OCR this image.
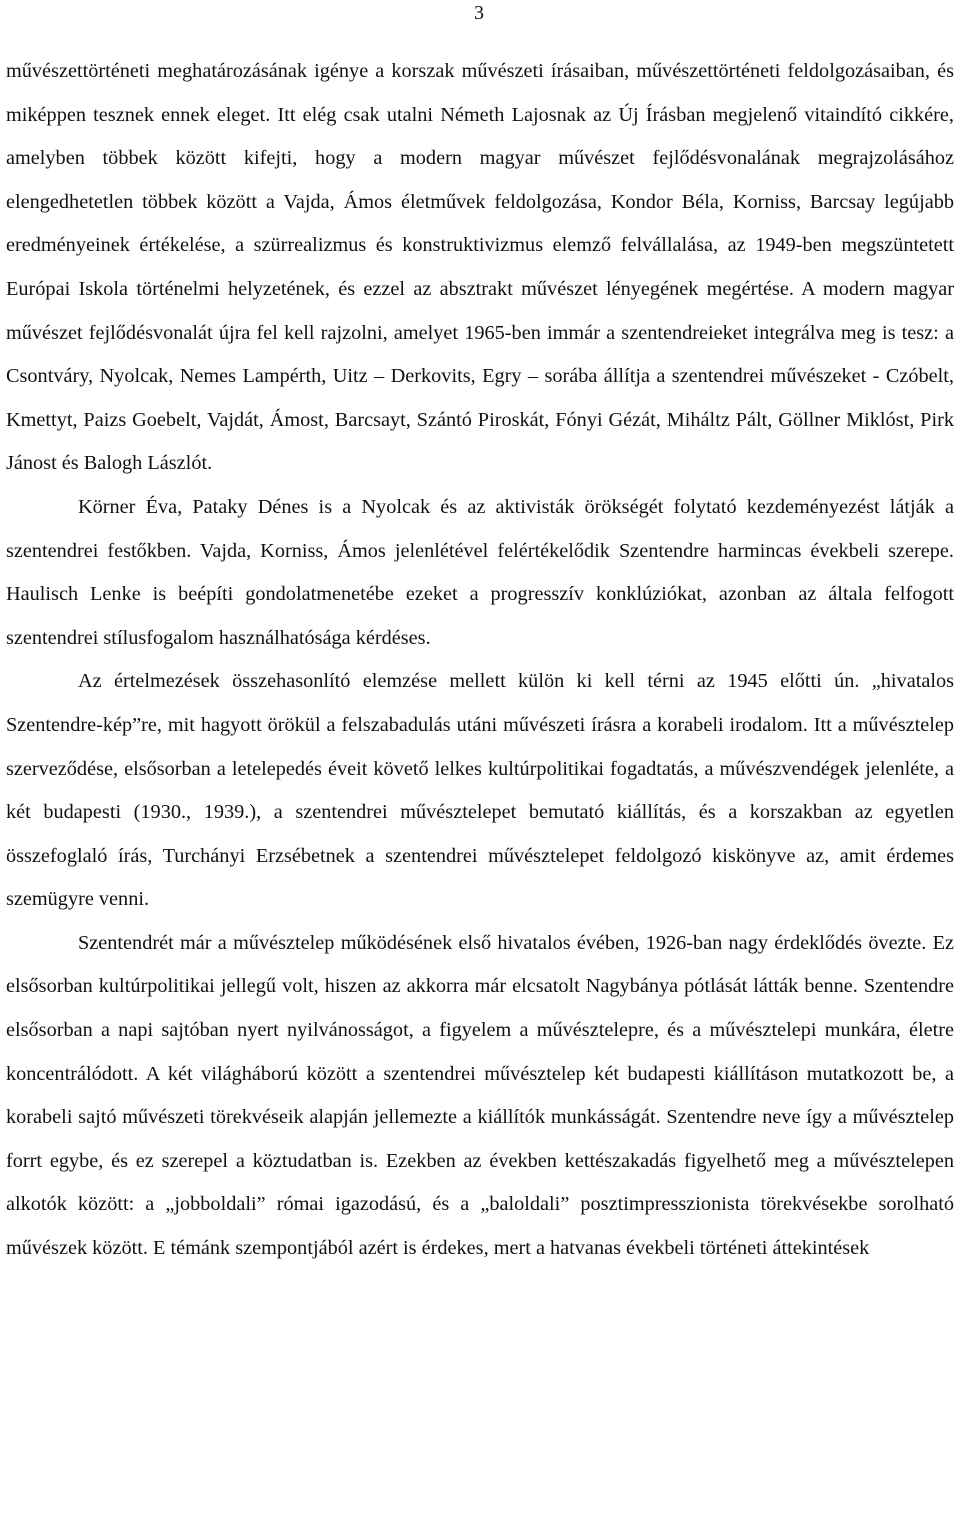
3

művészettörténeti meghatározásának igénye a korszak művészeti írásaiban, művészettörténeti feldolgozásaiban, és miképpen tesznek ennek eleget. Itt elég csak utalni Németh Lajosnak az Új Írásban megjelenő vitaindító cikkére, amelyben többek között kifejti, hogy a modern magyar művészet fejlődésvonalának megrajzolásához elengedhetetlen többek között a Vajda, Ámos életművek feldolgozása, Kondor Béla, Korniss, Barcsay legújabb eredményeinek értékelése, a szürrealizmus és konstruktivizmus elemző felvállalása, az 1949-ben megszüntetett Európai Iskola történelmi helyzetének, és ezzel az absztrakt művészet lényegének megértése. A modern magyar művészet fejlődésvonalát újra fel kell rajzolni, amelyet 1965-ben immár a szentendreieket integrálva meg is tesz: a Csontváry, Nyolcak, Nemes Lampérth, Uitz – Derkovits, Egry – sorába állítja a szentendrei művészeket - Czóbelt, Kmettyt, Paizs Goebelt, Vajdát, Ámost, Barcsayt, Szántó Piroskát, Fónyi Gézát, Miháltz Pált, Göllner Miklóst, Pirk Jánost és Balogh Lászlót.

Körner Éva, Pataky Dénes is a Nyolcak és az aktivisták örökségét folytató kezdeményezést látják a szentendrei festőkben. Vajda, Korniss, Ámos jelenlétével felértékelődik Szentendre harmincas évekbeli szerepe. Haulisch Lenke is beépíti gondolatmenetébe ezeket a progresszív konklúziókat, azonban az általa felfogott szentendrei stílusfogalom használhatósága kérdéses.

Az értelmezések összehasonlító elemzése mellett külön ki kell térni az 1945 előtti ún. „hivatalos Szentendre-kép”re, mit hagyott örökül a felszabadulás utáni művészeti írásra a korabeli irodalom. Itt a művésztelep szerveződése, elsősorban a letelepedés éveit követő lelkes kultúrpolitikai fogadtatás, a művészvendégek jelenléte, a két budapesti (1930., 1939.), a szentendrei művésztelepet bemutató kiállítás, és a korszakban az egyetlen összefoglaló írás, Turchányi Erzsébetnek a szentendrei művésztelepet feldolgozó kiskönyve az, amit érdemes szemügyre venni.

Szentendrét már a művésztelep működésének első hivatalos évében, 1926-ban nagy érdeklődés övezte. Ez elsősorban kultúrpolitikai jellegű volt, hiszen az akkorra már elcsatolt Nagybánya pótlását látták benne. Szentendre elsősorban a napi sajtóban nyert nyilvánosságot, a figyelem a művésztelepre, és a művésztelepi munkára, életre koncentrálódott. A két világháború között a szentendrei művésztelep két budapesti kiállításon mutatkozott be, a korabeli sajtó művészeti törekvéseik alapján jellemezte a kiállítók munkásságát. Szentendre neve így a művésztelep forrt egybe, és ez szerepel a köztudatban is. Ezekben az években kettészakadás figyelhető meg a művésztelepen alkotók között: a „jobboldali” római igazodású, és a „baloldali” posztimpresszionista törekvésekbe sorolható művészek között. E témánk szempontjából azért is érdekes, mert a hatvanas évekbeli történeti áttekintések
